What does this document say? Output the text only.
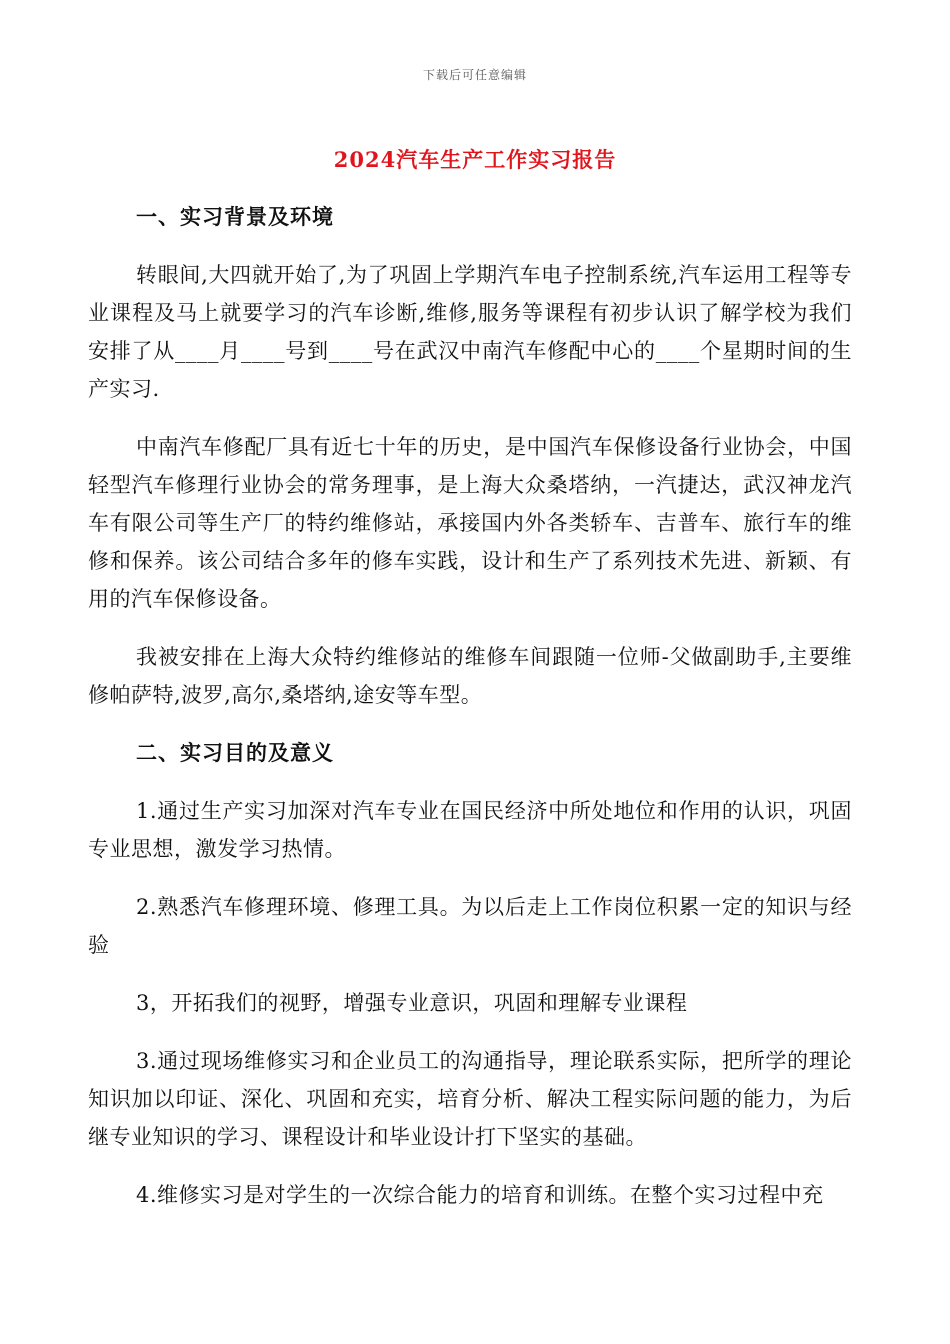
下载后可任意编辑
2024汽车生产工作实习报告
一、实习背景及环境

转眼间,大四就开始了,为了巩固上学期汽车电子控制系统,汽车运用工程等专业课程及马上就要学习的汽车诊断,维修,服务等课程有初步认识了解学校为我们安排了从____月____号到____号在武汉中南汽车修配中心的____个星期时间的生产实习.

中南汽车修配厂具有近七十年的历史，是中国汽车保修设备行业协会，中国轻型汽车修理行业协会的常务理事，是上海大众桑塔纳，一汽捷达，武汉神龙汽车有限公司等生产厂的特约维修站，承接国内外各类轿车、吉普车、旅行车的维修和保养。该公司结合多年的修车实践，设计和生产了系列技术先进、新颖、有用的汽车保修设备。

我被安排在上海大众特约维修站的维修车间跟随一位师-父做副助手,主要维修帕萨特,波罗,高尔,桑塔纳,途安等车型。

二、实习目的及意义

1.通过生产实习加深对汽车专业在国民经济中所处地位和作用的认识，巩固专业思想，激发学习热情。

2.熟悉汽车修理环境、修理工具。为以后走上工作岗位积累一定的知识与经验

3，开拓我们的视野，增强专业意识，巩固和理解专业课程

3.通过现场维修实习和企业员工的沟通指导，理论联系实际，把所学的理论知识加以印证、深化、巩固和充实，培育分析、解决工程实际问题的能力，为后继专业知识的学习、课程设计和毕业设计打下坚实的基础。

4.维修实习是对学生的一次综合能力的培育和训练。在整个实习过程中充
